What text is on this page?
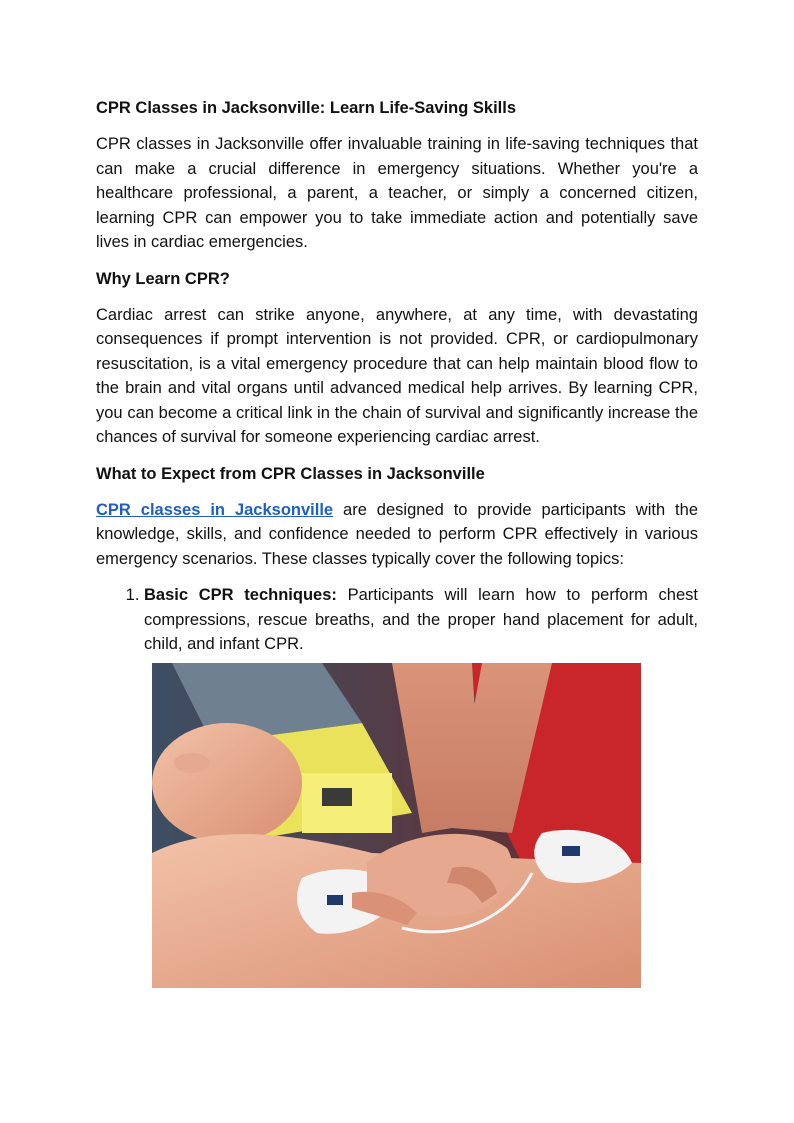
CPR Classes in Jacksonville: Learn Life-Saving Skills

CPR classes in Jacksonville offer invaluable training in life-saving techniques that can make a crucial difference in emergency situations. Whether you're a healthcare professional, a parent, a teacher, or simply a concerned citizen, learning CPR can empower you to take immediate action and potentially save lives in cardiac emergencies.

Why Learn CPR?

Cardiac arrest can strike anyone, anywhere, at any time, with devastating consequences if prompt intervention is not provided. CPR, or cardiopulmonary resuscitation, is a vital emergency procedure that can help maintain blood flow to the brain and vital organs until advanced medical help arrives. By learning CPR, you can become a critical link in the chain of survival and significantly increase the chances of survival for someone experiencing cardiac arrest.

What to Expect from CPR Classes in Jacksonville

CPR classes in Jacksonville are designed to provide participants with the knowledge, skills, and confidence needed to perform CPR effectively in various emergency scenarios. These classes typically cover the following topics:

1. Basic CPR techniques: Participants will learn how to perform chest compressions, rescue breaths, and the proper hand placement for adult, child, and infant CPR.
